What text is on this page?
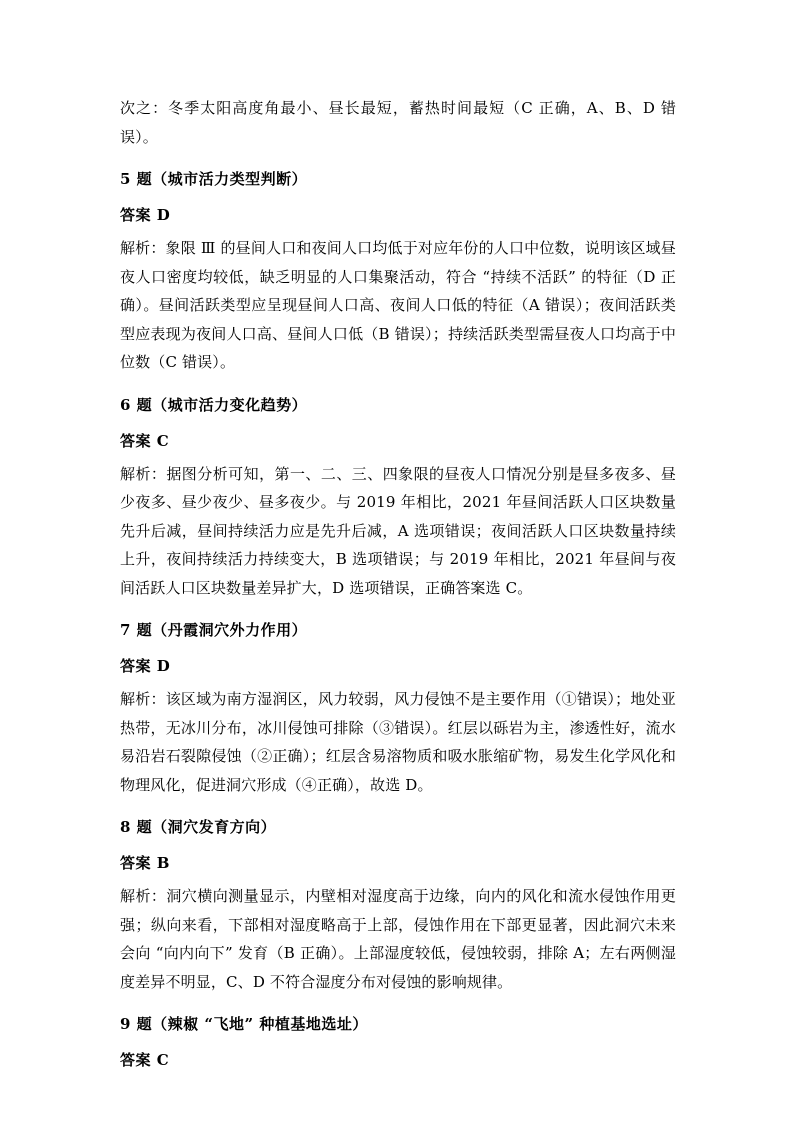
次之：冬季太阳高度角最小、昼长最短，蓄热时间最短（C 正确，A、B、D 错误）。

5 题（城市活力类型判断）

答案 D

解析：象限 Ⅲ 的昼间人口和夜间人口均低于对应年份的人口中位数，说明该区域昼夜人口密度均较低，缺乏明显的人口集聚活动，符合 “持续不活跃” 的特征（D 正确）。昼间活跃类型应呈现昼间人口高、夜间人口低的特征（A 错误）；夜间活跃类型应表现为夜间人口高、昼间人口低（B 错误）；持续活跃类型需昼夜人口均高于中位数（C 错误）。

6 题（城市活力变化趋势）

答案 C

解析：据图分析可知，第一、二、三、四象限的昼夜人口情况分别是昼多夜多、昼少夜多、昼少夜少、昼多夜少。与 2019 年相比，2021 年昼间活跃人口区块数量先升后减，昼间持续活力应是先升后减，A 选项错误；夜间活跃人口区块数量持续上升，夜间持续活力持续变大，B 选项错误；与 2019 年相比，2021 年昼间与夜间活跃人口区块数量差异扩大，D 选项错误，正确答案选 C。

7 题（丹霞洞穴外力作用）

答案 D

解析：该区域为南方湿润区，风力较弱，风力侵蚀不是主要作用（①错误）；地处亚热带，无冰川分布，冰川侵蚀可排除（③错误）。红层以砾岩为主，渗透性好，流水易沿岩石裂隙侵蚀（②正确）；红层含易溶物质和吸水胀缩矿物，易发生化学风化和物理风化，促进洞穴形成（④正确），故选 D。

8 题（洞穴发育方向）

答案 B

解析：洞穴横向测量显示，内壁相对湿度高于边缘，向内的风化和流水侵蚀作用更强；纵向来看，下部相对湿度略高于上部，侵蚀作用在下部更显著，因此洞穴未来会向 “向内向下” 发育（B 正确）。上部湿度较低，侵蚀较弱，排除 A；左右两侧湿度差异不明显，C、D 不符合湿度分布对侵蚀的影响规律。

9 题（辣椒 “飞地” 种植基地选址）

答案 C
